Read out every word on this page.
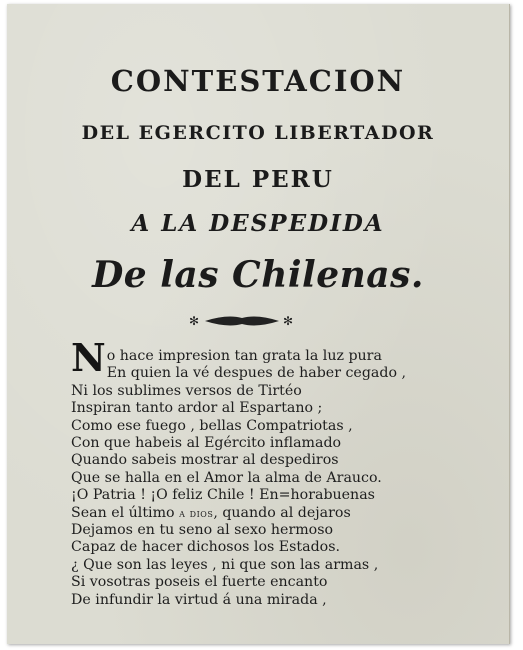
CONTESTACION
DEL EGERCITO LIBERTADOR
DEL PERU
A LA DESPEDIDA
De las Chilenas.
✻	✻
N o hace impresion tan grata la luz pura
En quien la vé despues de haber cegado ,
Ni los sublimes versos de Tirtéo
Inspiran tanto ardor al Espartano ;
Como ese fuego , bellas Compatriotas ,
Con que habeis al Egército inflamado
Quando sabeis mostrar al despediros
Que se halla en el Amor la alma de Arauco.
¡O Patria ! ¡O feliz Chile ! En=horabuenas
Sean el último a dios, quando al dejaros
Dejamos en tu seno al sexo hermoso
Capaz de hacer dichosos los Estados.
¿ Que son las leyes , ni que son las armas ,
Si vosotras poseis el fuerte encanto
De infundir la virtud á una mirada ,
